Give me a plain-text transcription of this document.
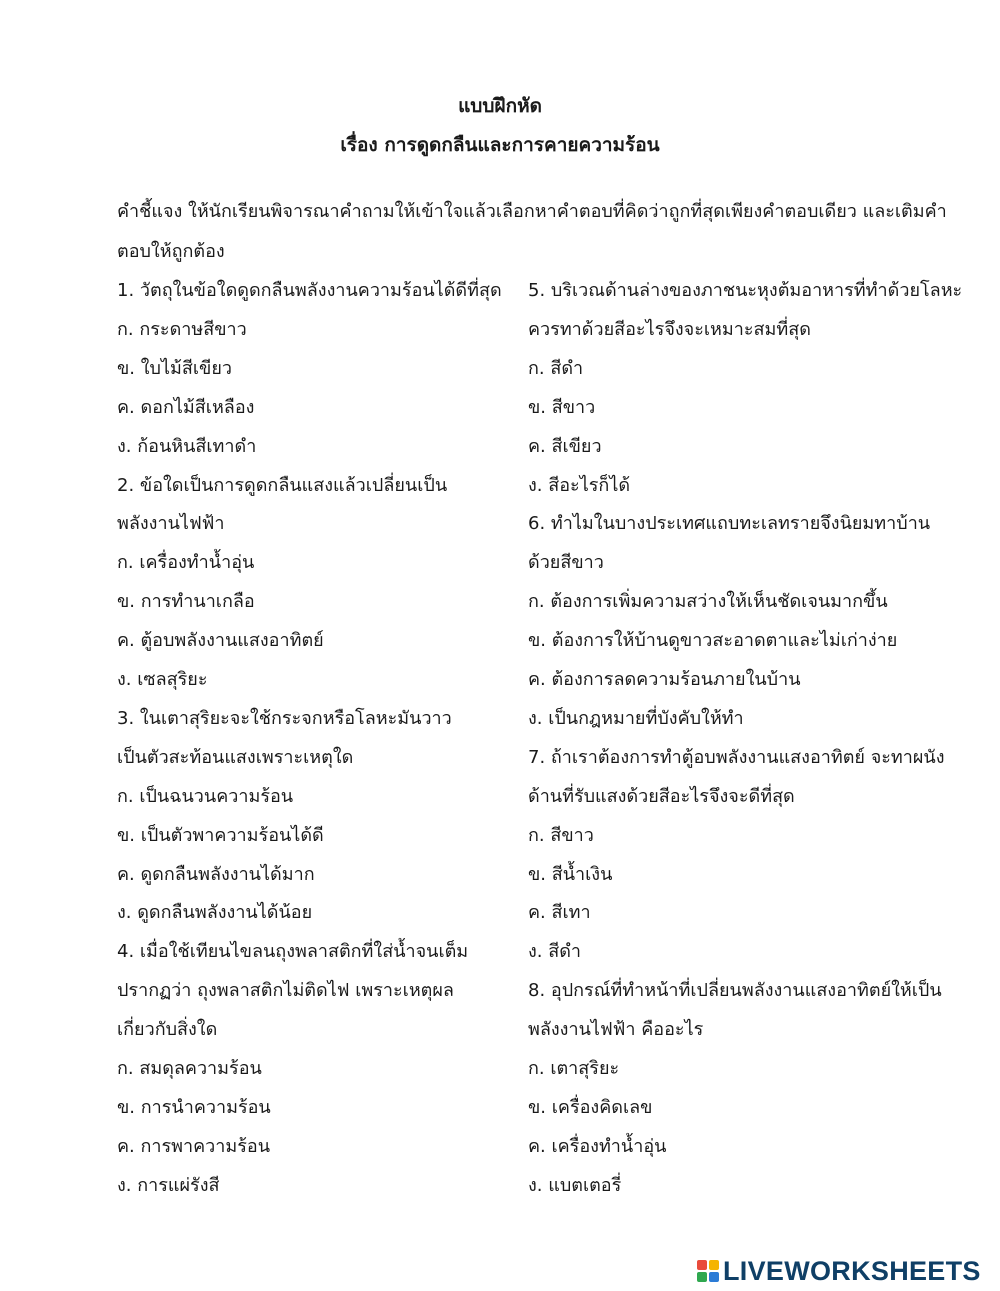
แบบฝึกหัด
เรื่อง การดูดกลืนและการคายความร้อน
คำชี้แจง ให้นักเรียนพิจารณาคำถามให้เข้าใจแล้วเลือกหาคำตอบที่คิดว่าถูกที่สุดเพียงคำตอบเดียว และเติมคำตอบให้ถูกต้อง
1. วัตถุในข้อใดดูดกลืนพลังงานความร้อนได้ดีที่สุด
ก. กระดาษสีขาว
ข. ใบไม้สีเขียว
ค. ดอกไม้สีเหลือง
ง. ก้อนหินสีเทาดำ
2. ข้อใดเป็นการดูดกลืนแสงแล้วเปลี่ยนเป็น
พลังงานไฟฟ้า
ก. เครื่องทำน้ำอุ่น
ข. การทำนาเกลือ
ค. ตู้อบพลังงานแสงอาทิตย์
ง. เซลสุริยะ
3. ในเตาสุริยะจะใช้กระจกหรือโลหะมันวาว
เป็นตัวสะท้อนแสงเพราะเหตุใด
ก. เป็นฉนวนความร้อน
ข. เป็นตัวพาความร้อนได้ดี
ค. ดูดกลืนพลังงานได้มาก
ง. ดูดกลืนพลังงานได้น้อย
4. เมื่อใช้เทียนไขลนถุงพลาสติกที่ใส่น้ำจนเต็ม
ปรากฏว่า ถุงพลาสติกไม่ติดไฟ เพราะเหตุผล
เกี่ยวกับสิ่งใด
ก. สมดุลความร้อน
ข. การนำความร้อน
ค. การพาความร้อน
ง. การแผ่รังสี
5. บริเวณด้านล่างของภาชนะหุงต้มอาหารที่ทำด้วยโลหะ
ควรทาด้วยสีอะไรจึงจะเหมาะสมที่สุด
ก. สีดำ
ข. สีขาว
ค. สีเขียว
ง. สีอะไรก็ได้
6. ทำไมในบางประเทศแถบทะเลทรายจึงนิยมทาบ้าน
ด้วยสีขาว
ก. ต้องการเพิ่มความสว่างให้เห็นชัดเจนมากขึ้น
ข. ต้องการให้บ้านดูขาวสะอาดตาและไม่เก่าง่าย
ค. ต้องการลดความร้อนภายในบ้าน
ง. เป็นกฎหมายที่บังคับให้ทำ
7. ถ้าเราต้องการทำตู้อบพลังงานแสงอาทิตย์ จะทาผนัง
ด้านที่รับแสงด้วยสีอะไรจึงจะดีที่สุด
ก. สีขาว
ข. สีน้ำเงิน
ค. สีเทา
ง. สีดำ
8. อุปกรณ์ที่ทำหน้าที่เปลี่ยนพลังงานแสงอาทิตย์ให้เป็น
พลังงานไฟฟ้า คืออะไร
ก. เตาสุริยะ
ข. เครื่องคิดเลข
ค. เครื่องทำน้ำอุ่น
ง. แบตเตอรี่
LIVEWORKSHEETS
